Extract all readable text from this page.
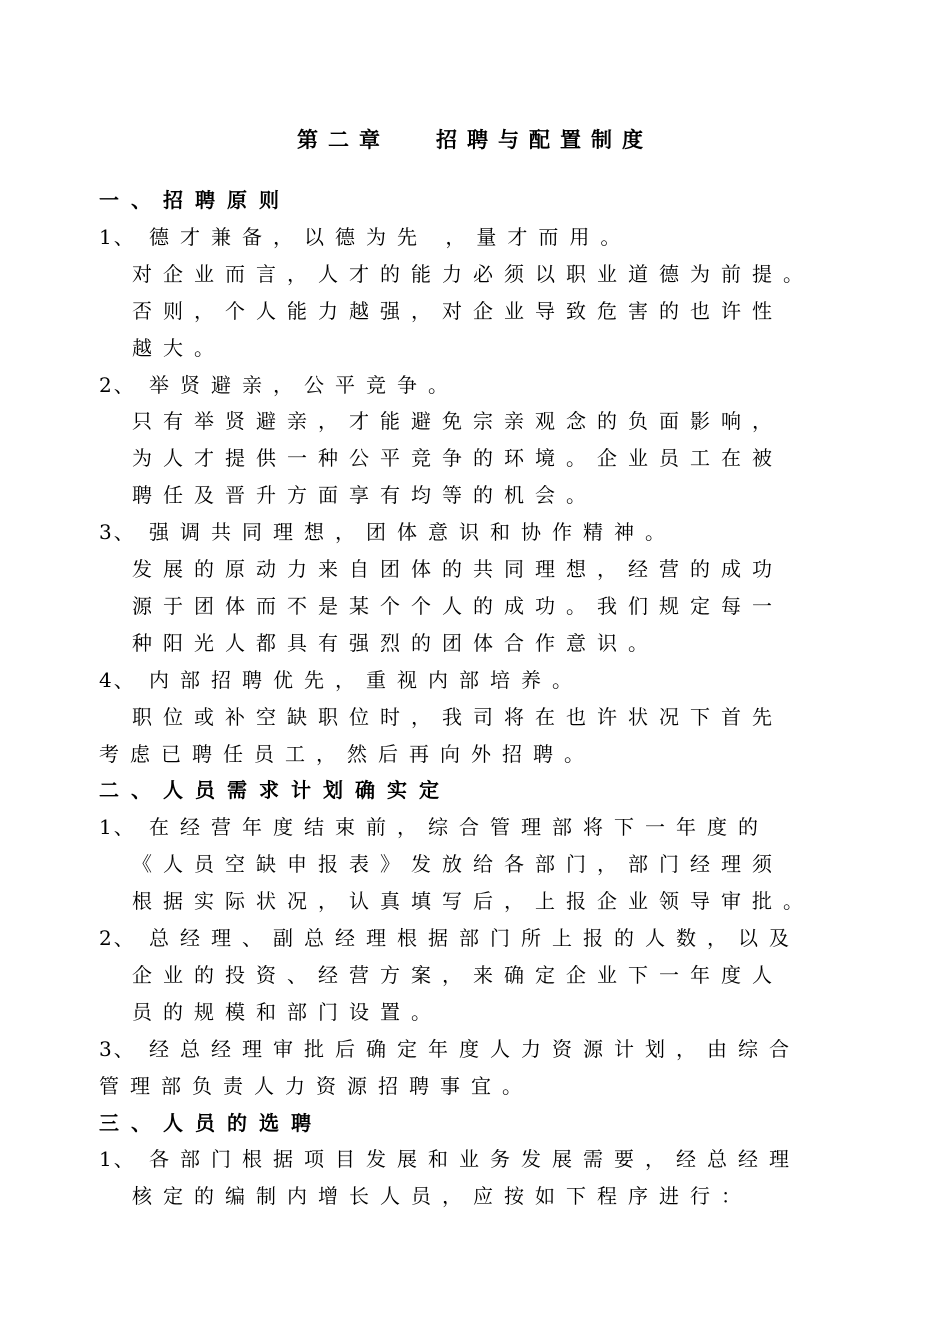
第二章 招聘与配置制度
一、招聘原则
1、 德才兼备，以德为先 ，量才而用。
对企业而言，人才的能力必须以职业道德为前提。
否则，个人能力越强，对企业导致危害的也许性
越大。
2、 举贤避亲，公平竞争。
只有举贤避亲，才能避免宗亲观念的负面影响，
为人才提供一种公平竞争的环境。企业员工在被
聘任及晋升方面享有均等的机会。
3、 强调共同理想，团体意识和协作精神。
发展的原动力来自团体的共同理想，经营的成功
源于团体而不是某个个人的成功。我们规定每一
种阳光人都具有强烈的团体合作意识。
4、 内部招聘优先，重视内部培养。
职位或补空缺职位时，我司将在也许状况下首先
考虑已聘任员工，然后再向外招聘。
二、人员需求计划确实定
1、 在经营年度结束前，综合管理部将下一年度的
《人员空缺申报表》发放给各部门，部门经理须
根据实际状况，认真填写后，上报企业领导审批。
2、 总经理、副总经理根据部门所上报的人数，以及
企业的投资、经营方案，来确定企业下一年度人
员的规模和部门设置。
3、 经总经理审批后确定年度人力资源计划，由综合
管理部负责人力资源招聘事宜。
三、人员的选聘
1、 各部门根据项目发展和业务发展需要，经总经理
核定的编制内增长人员，应按如下程序进行：
